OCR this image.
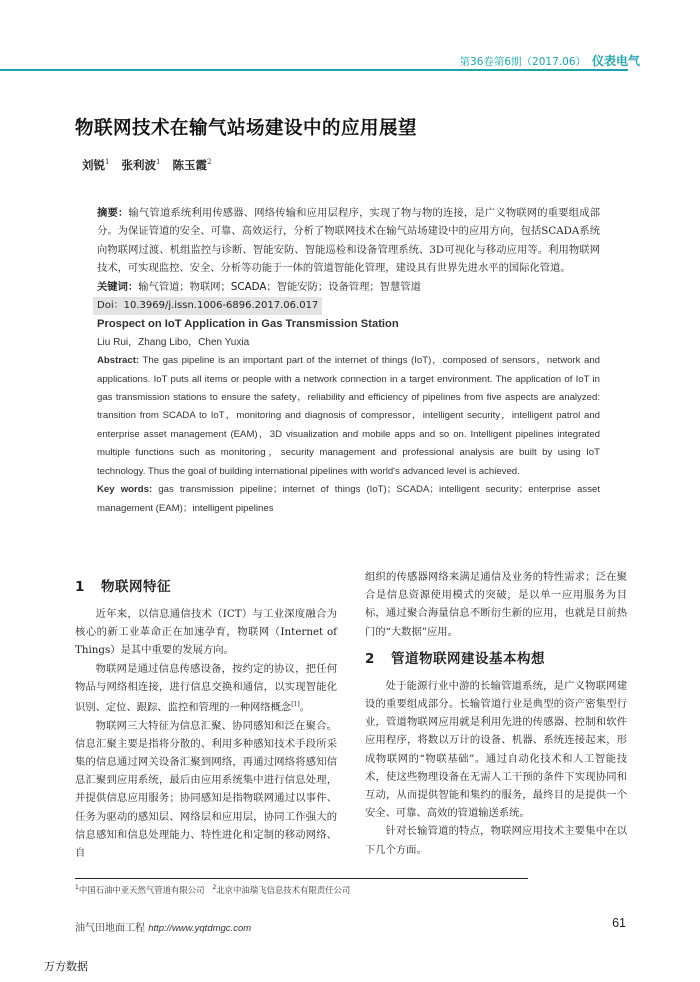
第36卷第6期（2017.06） 仪表电气
物联网技术在输气站场建设中的应用展望
刘锐$^1$ 张利波$^1$ 陈玉霞$^2$

摘要：输气管道系统利用传感器、网络传输和应用层程序，实现了物与物的连接，是广义物联网的重要组成部分。为保证管道的安全、可靠、高效运行，分析了物联网技术在输气站场建设中的应用方向，包括SCADA系统向物联网过渡、机组监控与诊断、智能安防、智能巡检和设备管理系统、3D可视化与移动应用等。利用物联网技术，可实现监控、安全、分析等功能于一体的管道智能化管理，建设具有世界先进水平的国际化管道。

关键词：输气管道；物联网；SCADA；智能安防；设备管理；智慧管道

Doi：10.3969/j.issn.1006-6896.2017.06.017

Prospect on IoT Application in Gas Transmission Station

Liu Rui，Zhang Libo，Chen Yuxia

Abstract: The gas pipeline is an important part of the internet of things (IoT)，composed of sensors，network and applications. IoT puts all items or people with a network connection in a target environment. The application of IoT in gas transmission stations to ensure the safety，reliability and efficiency of pipelines from five aspects are analyzed: transition from SCADA to IoT，monitoring and diagnosis of compressor，intelligent security，intelligent patrol and enterprise asset management (EAM)，3D visualization and mobile apps and so on. Intelligent pipelines integrated multiple functions such as monitoring，security management and professional analysis are built by using IoT technology. Thus the goal of building international pipelines with world's advanced level is achieved.

Key words: gas transmission pipeline；internet of things (IoT)；SCADA；intelligent security；enterprise asset management (EAM)；intelligent pipelines

1 物联网特征

近年来，以信息通信技术（ICT）与工业深度融合为核心的新工业革命正在加速孕育，物联网（Internet of Things）是其中重要的发展方向。

物联网是通过信息传感设备，按约定的协议，把任何物品与网络相连接，进行信息交换和通信，以实现智能化识别、定位、跟踪、监控和管理的一种网络概念[1]。

物联网三大特征为信息汇聚、协同感知和泛在聚合。信息汇聚主要是指将分散的、利用多种感知技术手段所采集的信息通过网关设备汇聚到网络，再通过网络将感知信息汇聚到应用系统，最后由应用系统集中进行信息处理，并提供信息应用服务；协同感知是指物联网通过以事件、任务为驱动的感知层、网络层和应用层，协同工作强大的信息感知和信息处理能力、特性进化和定制的移动网络、自

组织的传感器网络来满足通信及业务的特性需求；泛在聚合是信息资源使用模式的突破，是以单一应用服务为目标，通过聚合海量信息不断衍生新的应用，也就是目前热门的“大数据”应用。

2 管道物联网建设基本构想

处于能源行业中游的长输管道系统，是广义物联网建设的重要组成部分。长输管道行业是典型的资产密集型行业，管道物联网应用就是利用先进的传感器、控制和软件应用程序，将数以万计的设备、机器、系统连接起来，形成物联网的“物联基础”。通过自动化技术和人工智能技术，使这些物理设备在无需人工干预的条件下实现协同和互动，从而提供智能和集约的服务，最终目的是提供一个安全、可靠、高效的管道输送系统。

针对长输管道的特点，物联网应用技术主要集中在以下几个方面。

$^1$中国石油中亚天然气管道有限公司 $^2$北京中油瑞飞信息技术有限责任公司
油气田地面工程 http://www.yqtdmgc.com	61
万方数据
